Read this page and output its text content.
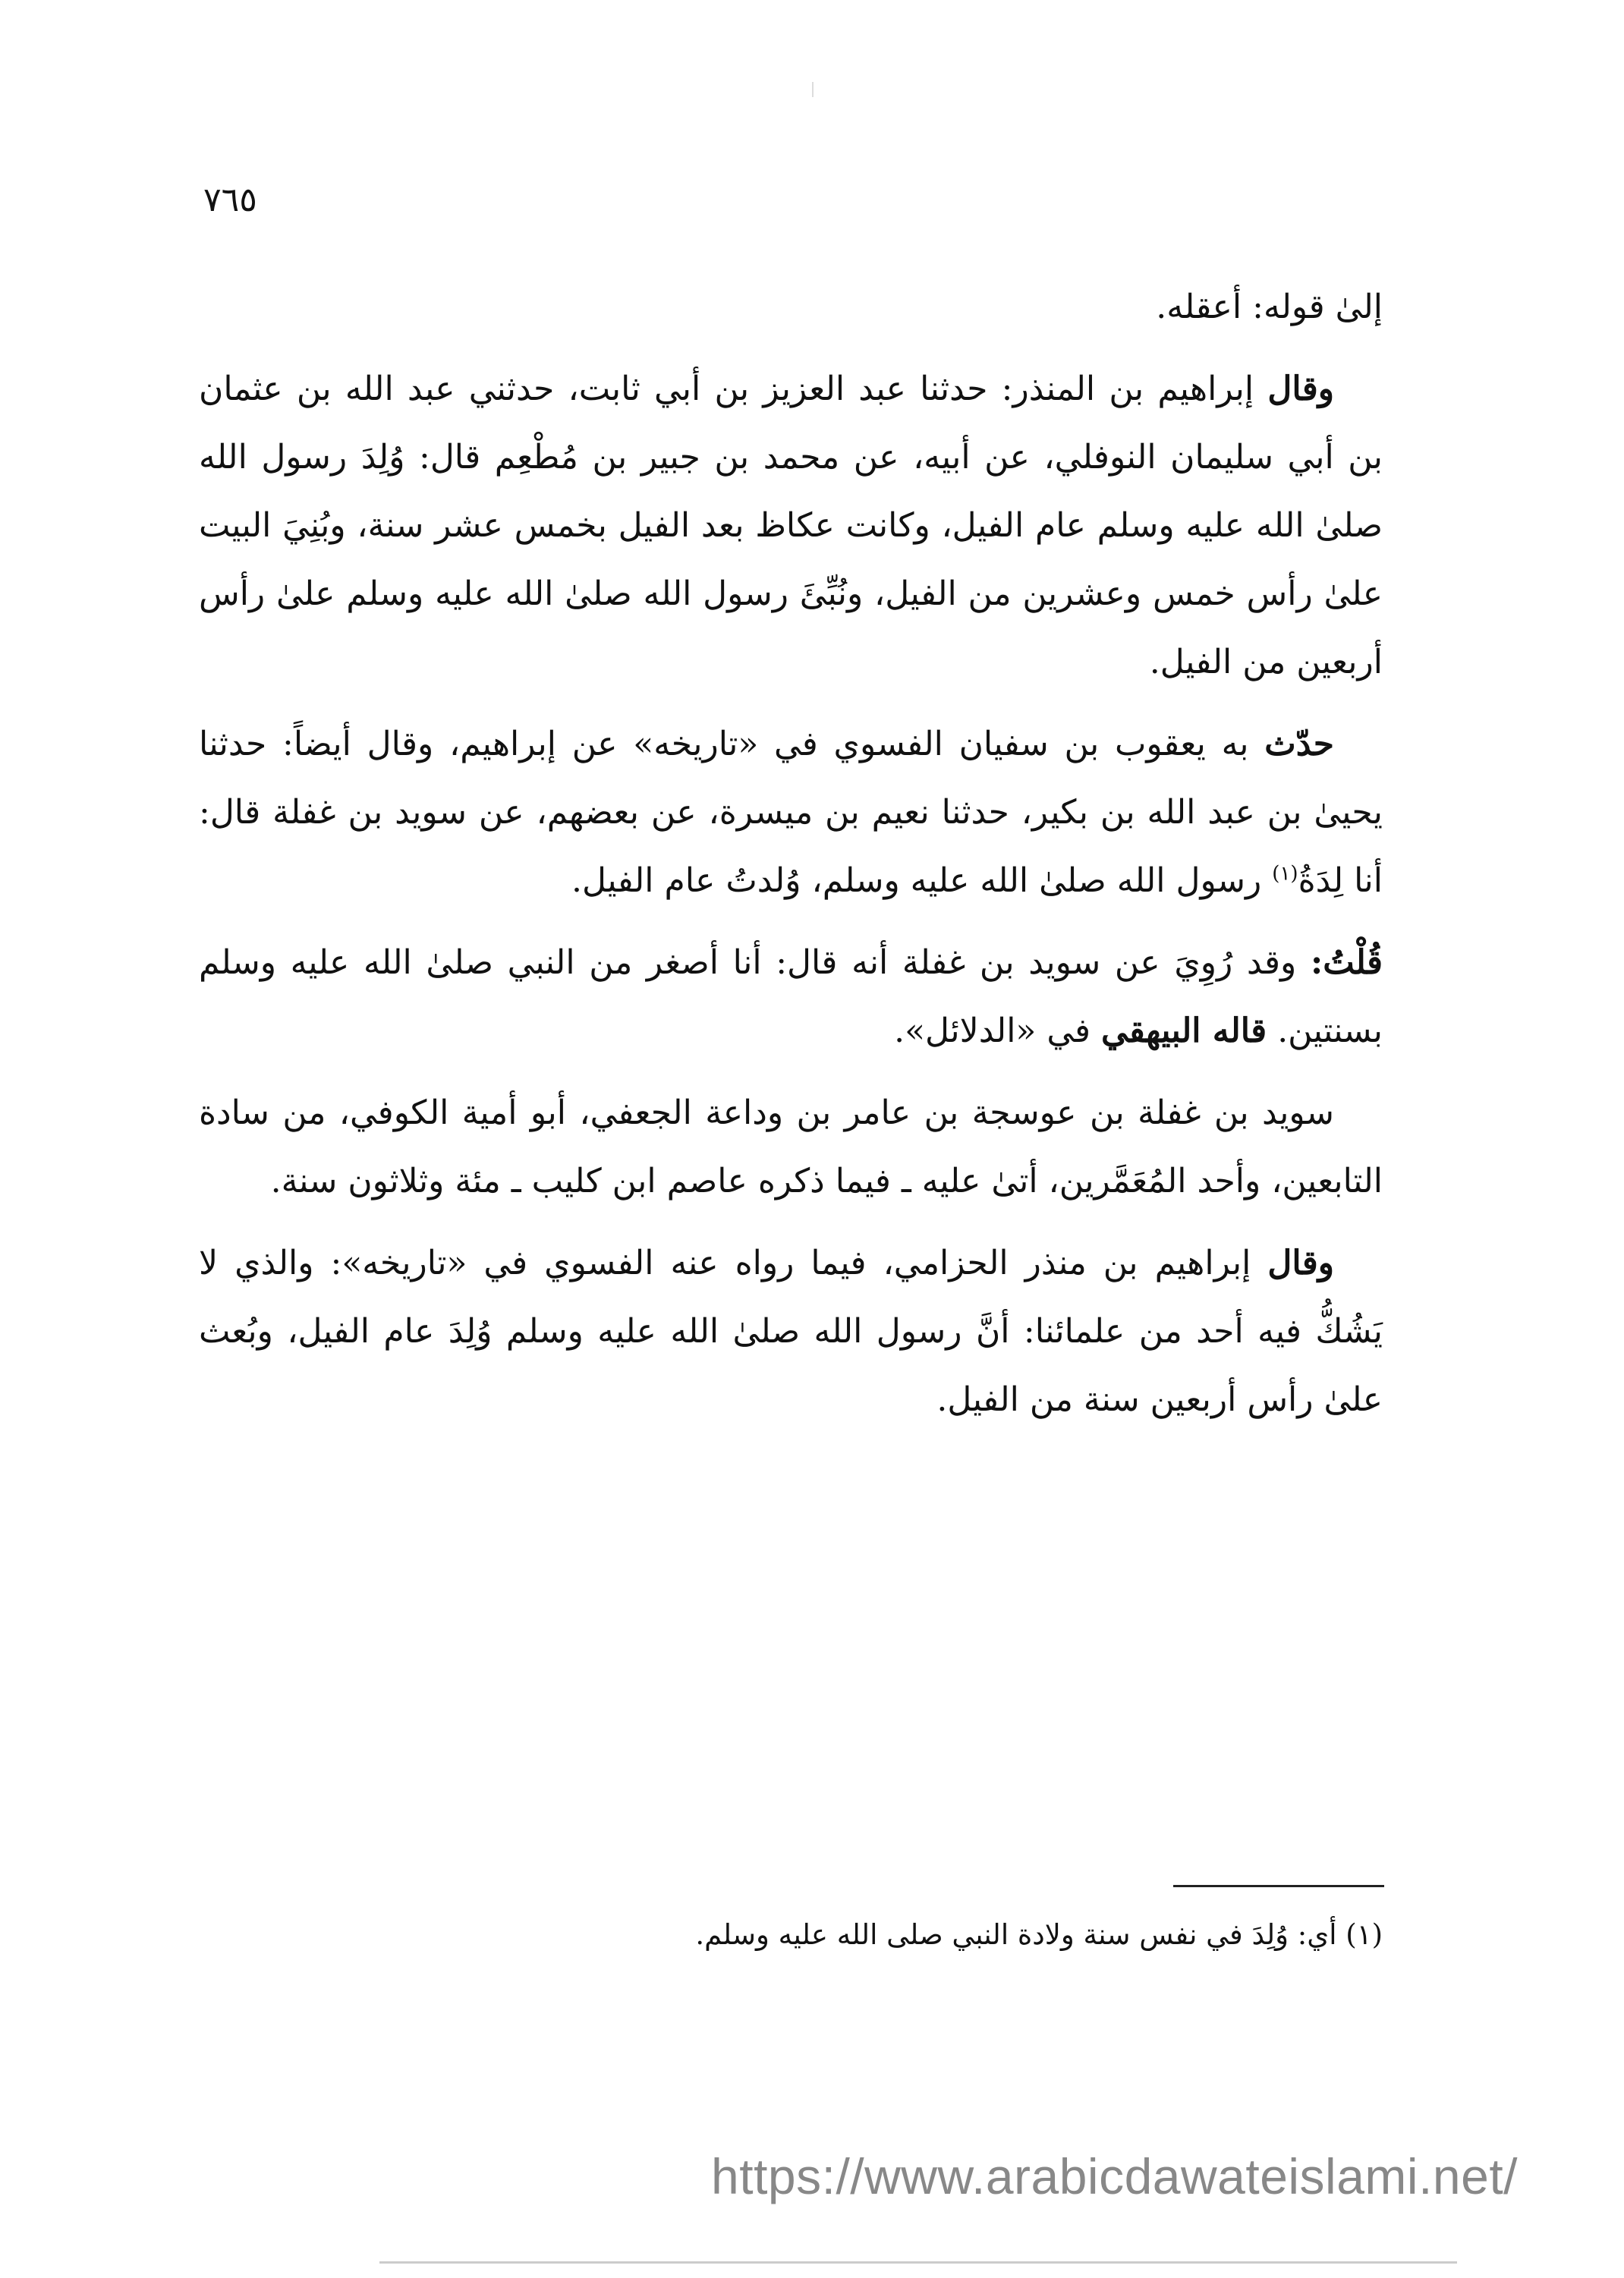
٧٦٥

إلىٰ قوله: أعقله.

وقال إبراهيم بن المنذر: حدثنا عبد العزيز بن أبي ثابت، حدثني عبد الله بن عثمان بن أبي سليمان النوفلي، عن أبيه، عن محمد بن جبير بن مُطْعِم قال: وُلِدَ رسول الله صلىٰ الله عليه وسلم عام الفيل، وكانت عكاظ بعد الفيل بخمس عشر سنة، وبُنِيَ البيت علىٰ رأس خمس وعشرين من الفيل، ونُبِّئَ رسول الله صلىٰ الله عليه وسلم علىٰ رأس أربعين من الفيل.

حدّث به يعقوب بن سفيان الفسوي في «تاريخه» عن إبراهيم، وقال أيضاً: حدثنا يحيىٰ بن عبد الله بن بكير، حدثنا نعيم بن ميسرة، عن بعضهم، عن سويد بن غفلة قال: أنا لِدَةُ$^{(١)}$ رسول الله صلىٰ الله عليه وسلم، وُلدتُ عام الفيل.

قُلْتُ: وقد رُوِيَ عن سويد بن غفلة أنه قال: أنا أصغر من النبي صلىٰ الله عليه وسلم بسنتين. قاله البيهقي في «الدلائل».

سويد بن غفلة بن عوسجة بن عامر بن وداعة الجعفي، أبو أمية الكوفي، من سادة التابعين، وأحد المُعَمَّرين، أتىٰ عليه ـ فيما ذكره عاصم ابن كليب ـ مئة وثلاثون سنة.

وقال إبراهيم بن منذر الحزامي، فيما رواه عنه الفسوي في «تاريخه»: والذي لا يَشُكُّ فيه أحد من علمائنا: أنَّ رسول الله صلىٰ الله عليه وسلم وُلِدَ عام الفيل، وبُعث علىٰ رأس أربعين سنة من الفيل.

(١) أي: وُلِدَ في نفس سنة ولادة النبي صلى الله عليه وسلم.
https://www.arabicdawateislami.net/
